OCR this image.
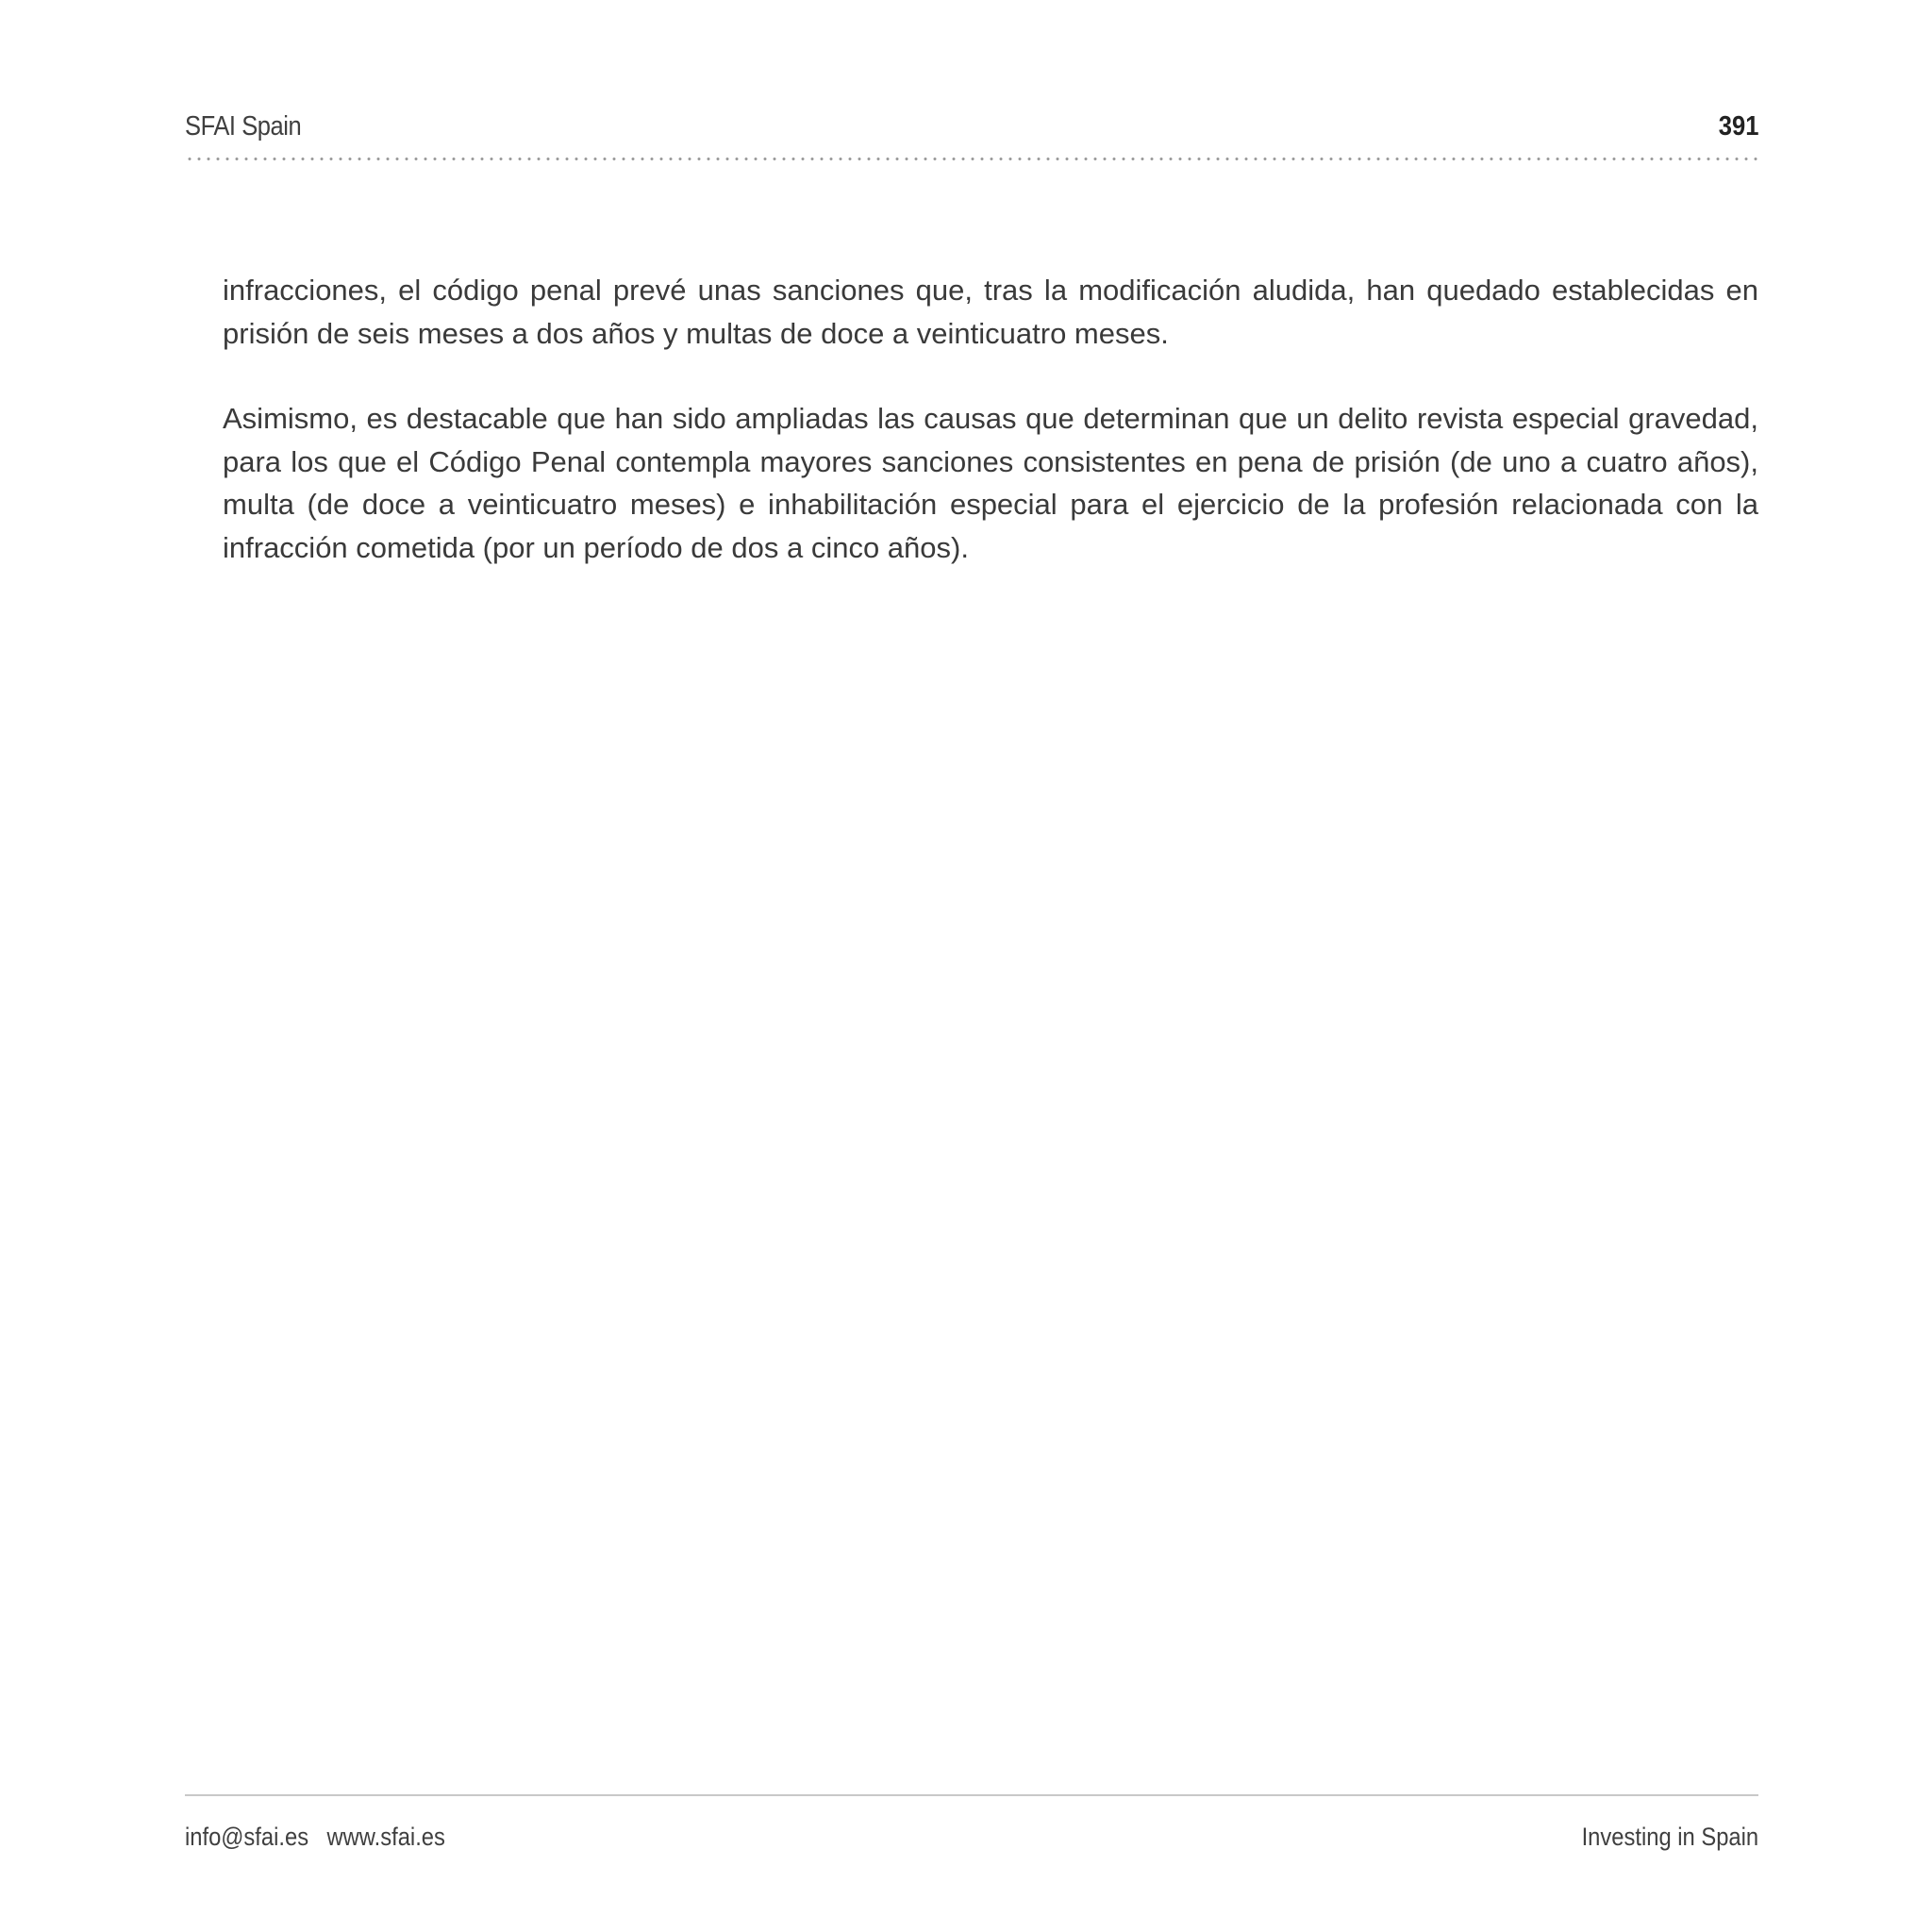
SFAI Spain	391

infracciones, el código penal prevé unas sanciones que, tras la modificación aludida, han quedado establecidas en prisión de seis meses a dos años y multas de doce a veinticuatro meses.

Asimismo, es destacable que han sido ampliadas las causas que determinan que un delito revista especial gravedad, para los que el Código Penal contempla mayores sanciones consistentes en pena de prisión (de uno a cuatro años), multa (de doce a veinticuatro meses) e inhabilitación especial para el ejercicio de la profesión relacionada con la infracción cometida (por un período de dos a cinco años).

info@sfai.es www.sfai.es	Investing in Spain
